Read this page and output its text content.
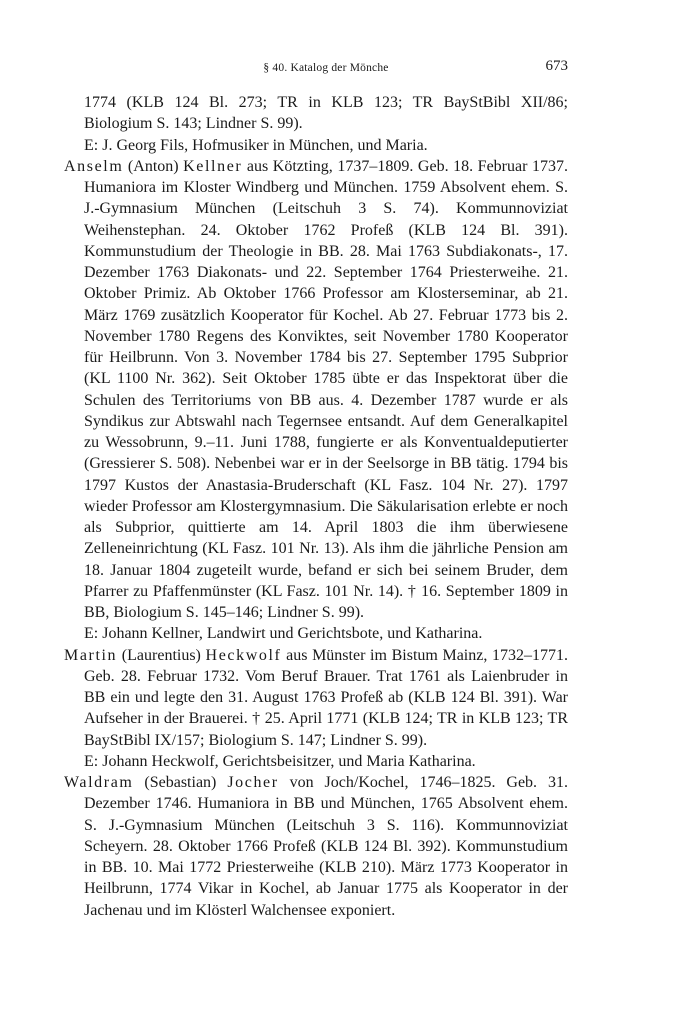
§ 40. Katalog der Mönche	673
1774 (KLB 124 Bl. 273; TR in KLB 123; TR BayStBibl XII/86; Biologium S. 143; Lindner S. 99).
E: J. Georg Fils, Hofmusiker in München, und Maria.
Anselm (Anton) Kellner aus Kötzting, 1737–1809. Geb. 18. Februar 1737. Humaniora im Kloster Windberg und München. 1759 Absolvent ehem. S. J.-Gymnasium München (Leitschuh 3 S. 74). Kommunnoviziat Weihenstephan. 24. Oktober 1762 Profeß (KLB 124 Bl. 391). Kommunstudium der Theologie in BB. 28. Mai 1763 Subdiakonats-, 17. Dezember 1763 Diakonats- und 22. September 1764 Priesterweihe. 21. Oktober Primiz. Ab Oktober 1766 Professor am Klosterseminar, ab 21. März 1769 zusätzlich Kooperator für Kochel. Ab 27. Februar 1773 bis 2. November 1780 Regens des Konviktes, seit November 1780 Kooperator für Heilbrunn. Von 3. November 1784 bis 27. September 1795 Subprior (KL 1100 Nr. 362). Seit Oktober 1785 übte er das Inspektorat über die Schulen des Territoriums von BB aus. 4. Dezember 1787 wurde er als Syndikus zur Abtswahl nach Tegernsee entsandt. Auf dem Generalkapitel zu Wessobrunn, 9.–11. Juni 1788, fungierte er als Konventualdeputierter (Gressierer S. 508). Nebenbei war er in der Seelsorge in BB tätig. 1794 bis 1797 Kustos der Anastasia-Bruderschaft (KL Fasz. 104 Nr. 27). 1797 wieder Professor am Klostergymnasium. Die Säkularisation erlebte er noch als Subprior, quittierte am 14. April 1803 die ihm überwiesene Zelleneinrichtung (KL Fasz. 101 Nr. 13). Als ihm die jährliche Pension am 18. Januar 1804 zugeteilt wurde, befand er sich bei seinem Bruder, dem Pfarrer zu Pfaffenmünster (KL Fasz. 101 Nr. 14). † 16. September 1809 in BB, Biologium S. 145–146; Lindner S. 99).
E: Johann Kellner, Landwirt und Gerichtsbote, und Katharina.
Martin (Laurentius) Heckwolf aus Münster im Bistum Mainz, 1732–1771. Geb. 28. Februar 1732. Vom Beruf Brauer. Trat 1761 als Laienbruder in BB ein und legte den 31. August 1763 Profeß ab (KLB 124 Bl. 391). War Aufseher in der Brauerei. † 25. April 1771 (KLB 124; TR in KLB 123; TR BayStBibl IX/157; Biologium S. 147; Lindner S. 99).
E: Johann Heckwolf, Gerichtsbeisitzer, und Maria Katharina.
Waldram (Sebastian) Jocher von Joch/Kochel, 1746–1825. Geb. 31. Dezember 1746. Humaniora in BB und München, 1765 Absolvent ehem. S. J.-Gymnasium München (Leitschuh 3 S. 116). Kommunnoviziat Scheyern. 28. Oktober 1766 Profeß (KLB 124 Bl. 392). Kommunstudium in BB. 10. Mai 1772 Priesterweihe (KLB 210). März 1773 Kooperator in Heilbrunn, 1774 Vikar in Kochel, ab Januar 1775 als Kooperator in der Jachenau und im Klösterl Walchensee exponiert.
